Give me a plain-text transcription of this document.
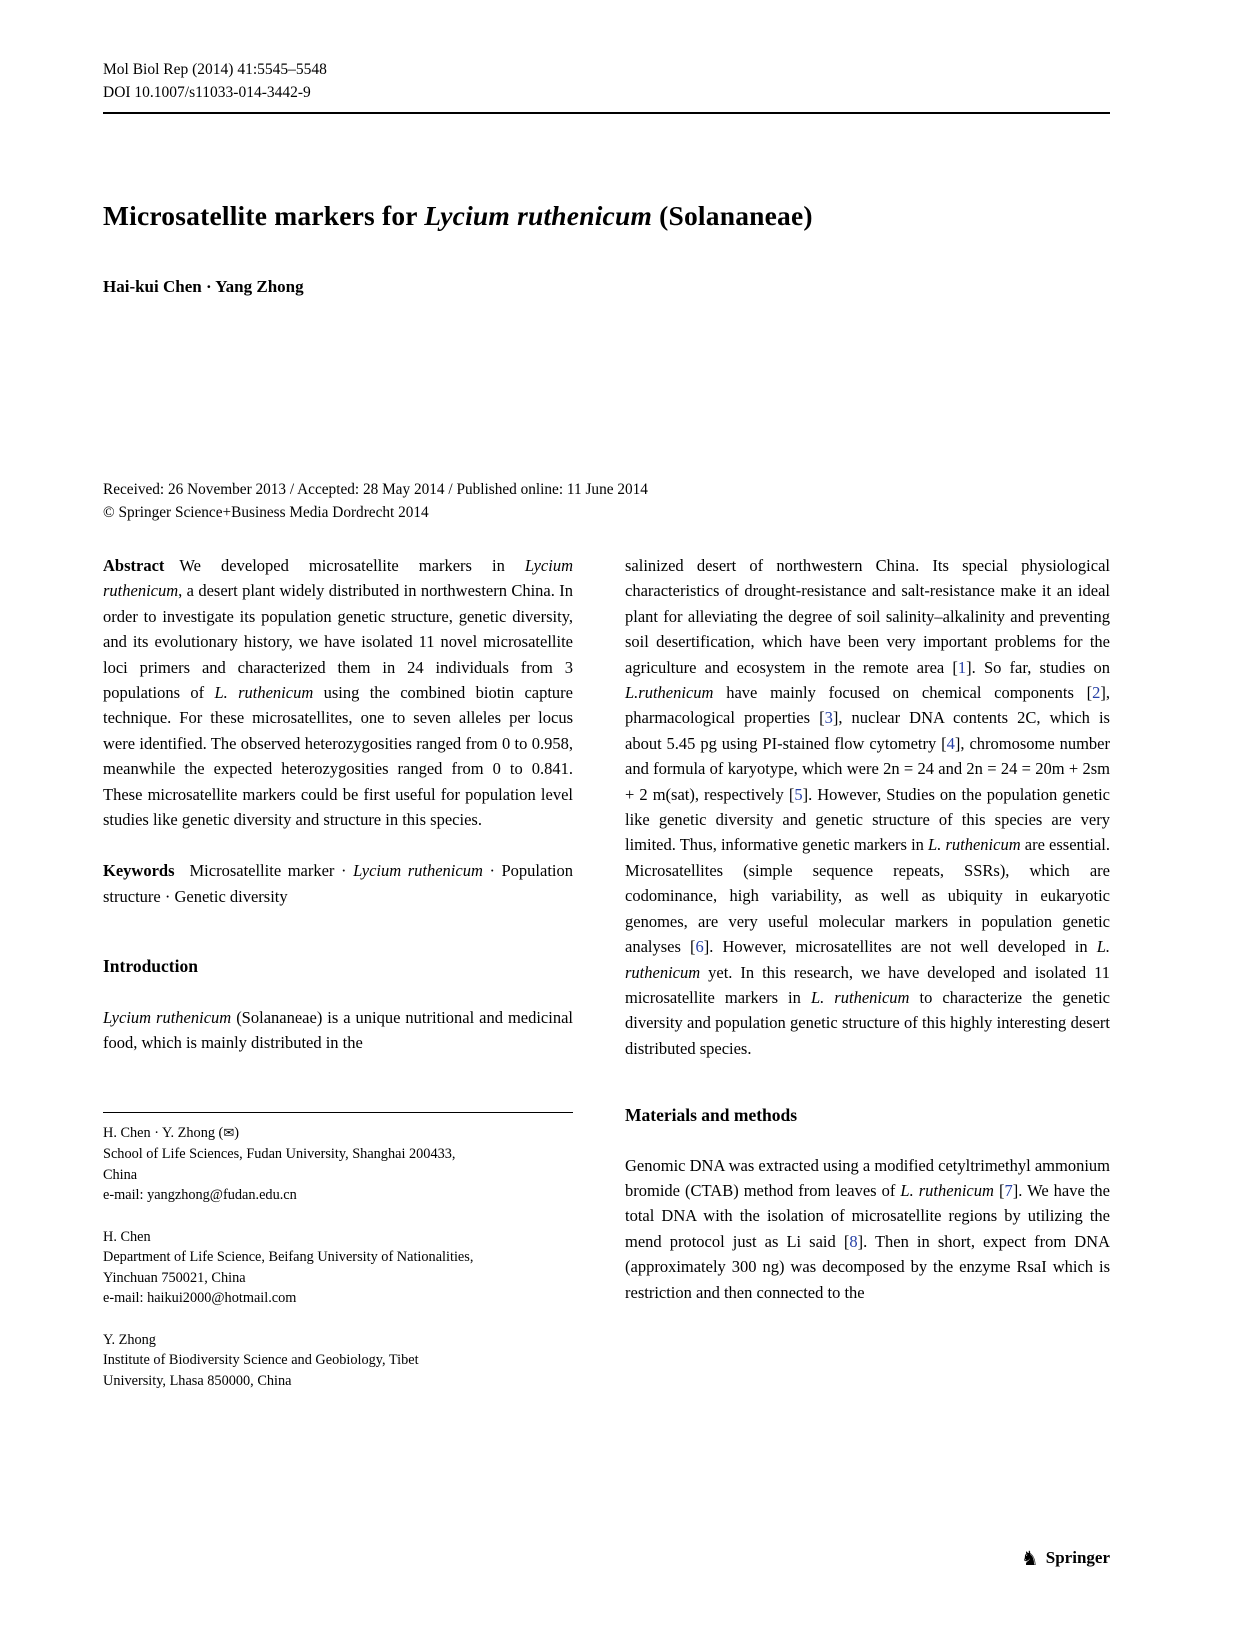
Mol Biol Rep (2014) 41:5545–5548
DOI 10.1007/s11033-014-3442-9
Microsatellite markers for Lycium ruthenicum (Solananeae)
Hai-kui Chen · Yang Zhong
Received: 26 November 2013 / Accepted: 28 May 2014 / Published online: 11 June 2014
© Springer Science+Business Media Dordrecht 2014

Abstract We developed microsatellite markers in Lycium ruthenicum, a desert plant widely distributed in northwestern China. In order to investigate its population genetic structure, genetic diversity, and its evolutionary history, we have isolated 11 novel microsatellite loci primers and characterized them in 24 individuals from 3 populations of L. ruthenicum using the combined biotin capture technique. For these microsatellites, one to seven alleles per locus were identified. The observed heterozygosities ranged from 0 to 0.958, meanwhile the expected heterozygosities ranged from 0 to 0.841. These microsatellite markers could be first useful for population level studies like genetic diversity and structure in this species.

Keywords Microsatellite marker · Lycium ruthenicum · Population structure · Genetic diversity

Introduction

Lycium ruthenicum (Solananeae) is a unique nutritional and medicinal food, which is mainly distributed in the

H. Chen · Y. Zhong (✉)
School of Life Sciences, Fudan University, Shanghai 200433,
China
e-mail: yangzhong@fudan.edu.cn
H. Chen
Department of Life Science, Beifang University of Nationalities,
Yinchuan 750021, China
e-mail: haikui2000@hotmail.com
Y. Zhong
Institute of Biodiversity Science and Geobiology, Tibet
University, Lhasa 850000, China

salinized desert of northwestern China. Its special physiological characteristics of drought-resistance and salt-resistance make it an ideal plant for alleviating the degree of soil salinity–alkalinity and preventing soil desertification, which have been very important problems for the agriculture and ecosystem in the remote area [1]. So far, studies on L.ruthenicum have mainly focused on chemical components [2], pharmacological properties [3], nuclear DNA contents 2C, which is about 5.45 pg using PI-stained flow cytometry [4], chromosome number and formula of karyotype, which were 2n = 24 and 2n = 24 = 20m + 2sm + 2 m(sat), respectively [5]. However, Studies on the population genetic like genetic diversity and genetic structure of this species are very limited. Thus, informative genetic markers in L. ruthenicum are essential. Microsatellites (simple sequence repeats, SSRs), which are codominance, high variability, as well as ubiquity in eukaryotic genomes, are very useful molecular markers in population genetic analyses [6]. However, microsatellites are not well developed in L. ruthenicum yet. In this research, we have developed and isolated 11 microsatellite markers in L. ruthenicum to characterize the genetic diversity and population genetic structure of this highly interesting desert distributed species.

Materials and methods

Genomic DNA was extracted using a modified cetyltrimethyl ammonium bromide (CTAB) method from leaves of L. ruthenicum [7]. We have the total DNA with the isolation of microsatellite regions by utilizing the mend protocol just as Li said [8]. Then in short, expect from DNA (approximately 300 ng) was decomposed by the enzyme RsaI which is restriction and then connected to the

♞ Springer
